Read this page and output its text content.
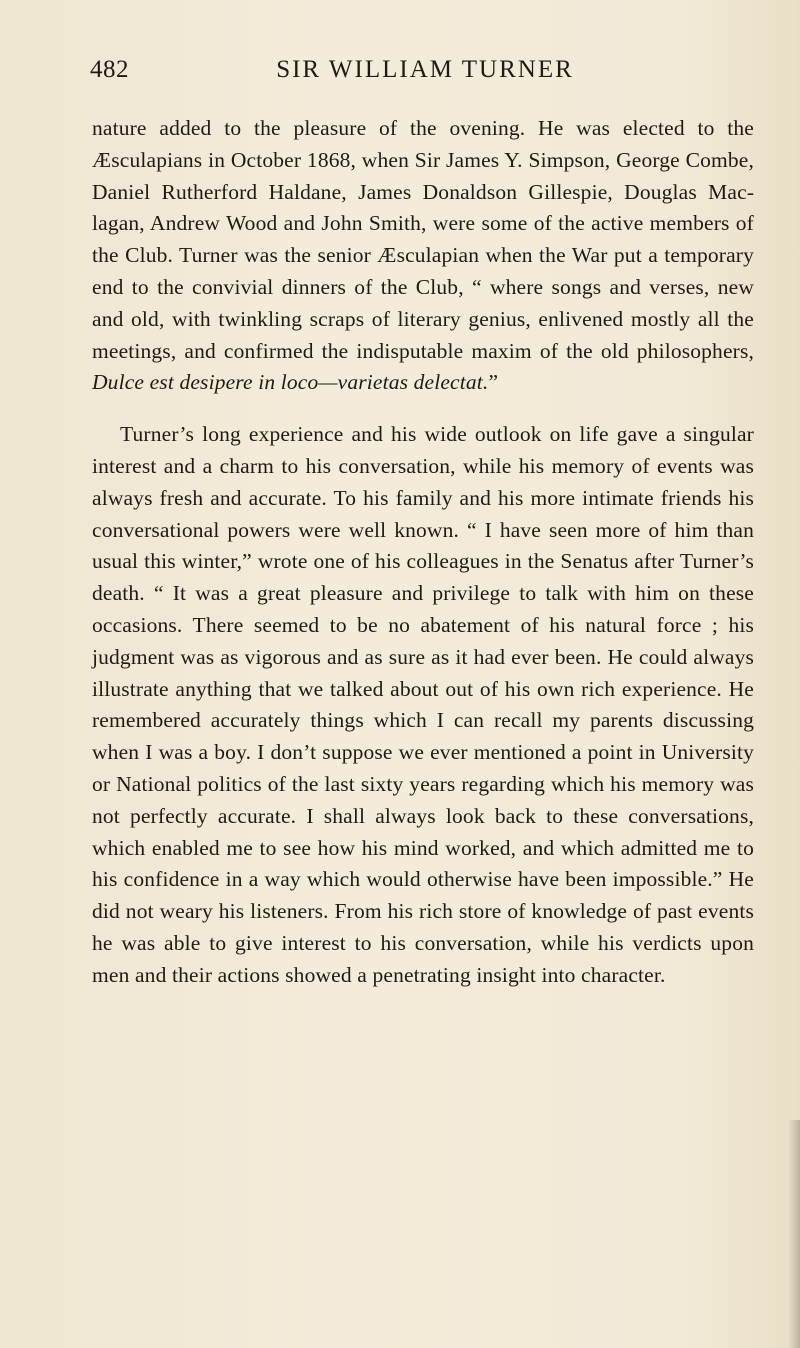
482	SIR WILLIAM TURNER

nature added to the pleasure of the ovening. He was elected to the Æsculapians in October 1868, when Sir James Y. Simpson, George Combe, Daniel Rutherford Haldane, James Donaldson Gillespie, Douglas Maclagan, Andrew Wood and John Smith, were some of the active members of the Club. Turner was the senior Æsculapian when the War put a temporary end to the convivial dinners of the Club, “ where songs and verses, new and old, with twinkling scraps of literary genius, enlivened mostly all the meetings, and confirmed the indisputable maxim of the old philosophers, Dulce est desipere in loco—varietas delectat.”

Turner’s long experience and his wide outlook on life gave a singular interest and a charm to his conversation, while his memory of events was always fresh and accurate. To his family and his more intimate friends his conversational powers were well known. “ I have seen more of him than usual this winter,” wrote one of his colleagues in the Senatus after Turner’s death. “ It was a great pleasure and privilege to talk with him on these occasions. There seemed to be no abatement of his natural force ; his judgment was as vigorous and as sure as it had ever been. He could always illustrate anything that we talked about out of his own rich experience. He remembered accurately things which I can recall my parents discussing when I was a boy. I don’t suppose we ever mentioned a point in University or National politics of the last sixty years regarding which his memory was not perfectly accurate. I shall always look back to these conversations, which enabled me to see how his mind worked, and which admitted me to his confidence in a way which would otherwise have been impossible.” He did not weary his listeners. From his rich store of knowledge of past events he was able to give interest to his conversation, while his verdicts upon men and their actions showed a penetrating insight into character.
